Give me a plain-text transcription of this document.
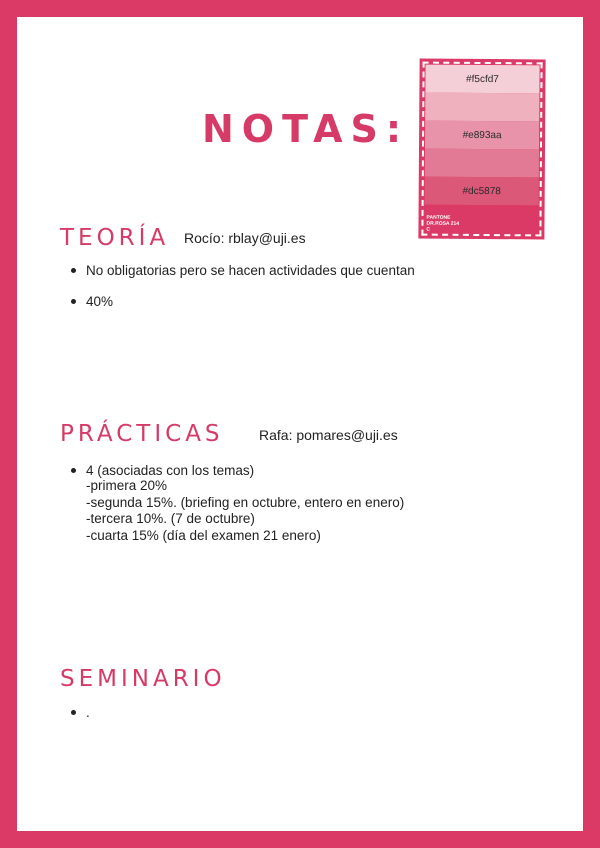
NOTAS:
#f5cfd7
#e893aa
#dc5878
PANTONE
DR.ROSA 214
C
TEORÍA Rocío: rblay@uji.es
No obligatorias pero se hacen actividades que cuentan
40%
PRÁCTICAS	Rafa: pomares@uji.es
4 (asociadas con los temas)
-primera 20%
-segunda 15%. (briefing en octubre, entero en enero)
-tercera 10%. (7 de octubre)
-cuarta 15% (día del examen 21 enero)
SEMINARIO
.
